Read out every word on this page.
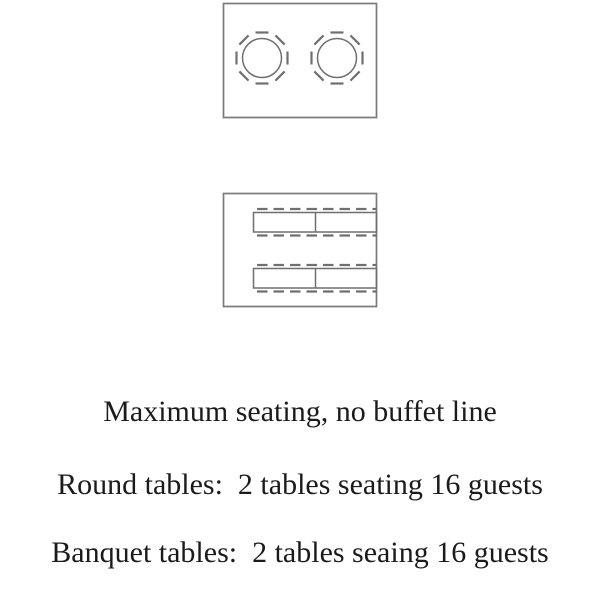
Maximum seating, no buffet line
Round tables:  2 tables seating 16 guests
Banquet tables:  2 tables seaing 16 guests
